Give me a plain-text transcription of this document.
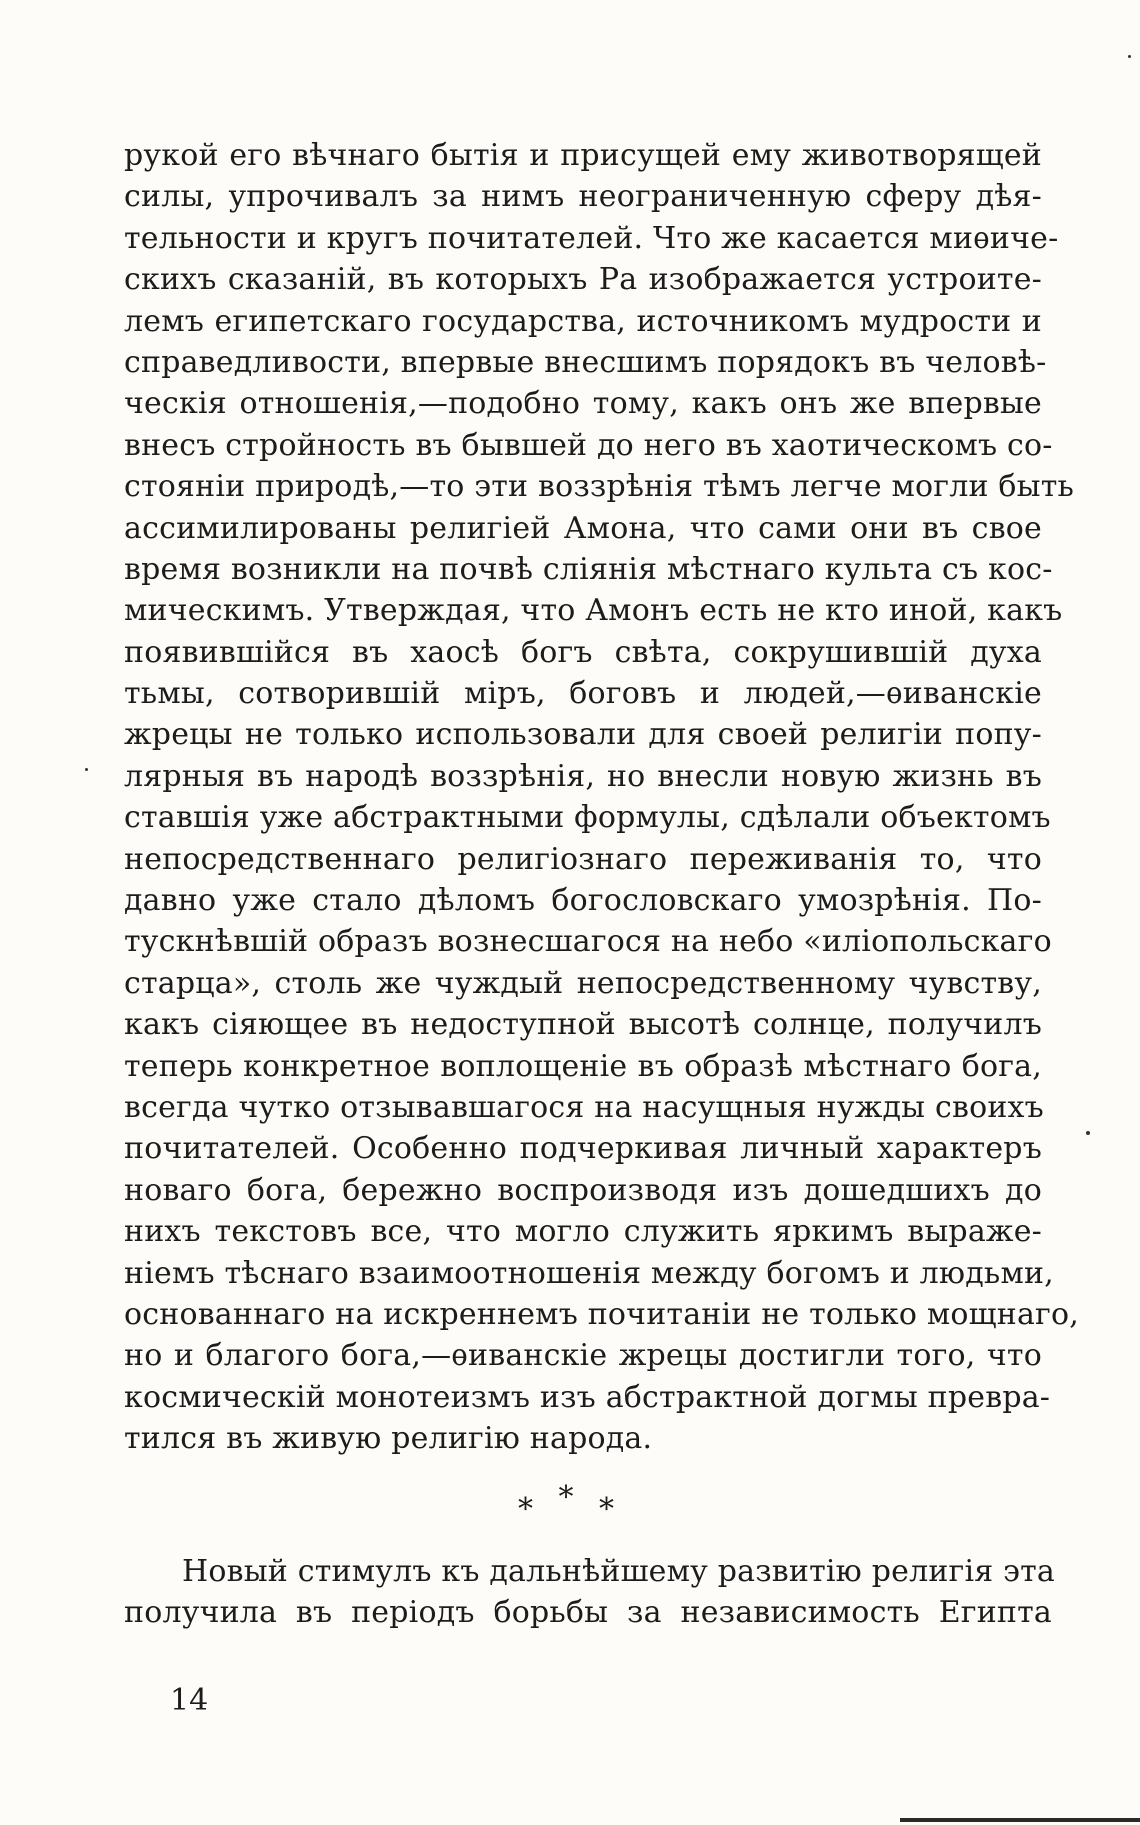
рукой его вѣчнаго бытія и присущей ему животворящей
силы, упрочивалъ за нимъ неограниченную сферу дѣя-
тельности и кругъ почитателей. Что же касается миѳиче-
скихъ сказаній, въ которыхъ Ра изображается устроите-
лемъ египетскаго государства, источникомъ мудрости и
справедливости, впервые внесшимъ порядокъ въ человѣ-
ческія отношенія,—подобно тому, какъ онъ же впервые
внесъ стройность въ бывшей до него въ хаотическомъ со-
стояніи природѣ,—то эти воззрѣнія тѣмъ легче могли быть
ассимилированы религіей Амона, что сами они въ свое
время возникли на почвѣ сліянія мѣстнаго культа съ кос-
мическимъ. Утверждая, что Амонъ есть не кто иной, какъ
появившійся въ хаосѣ богъ свѣта, сокрушившій духа
тьмы, сотворившій міръ, боговъ и людей,—ѳиванскіе
жрецы не только использовали для своей религіи попу-
лярныя въ народѣ воззрѣнія, но внесли новую жизнь въ
ставшія уже абстрактными формулы, сдѣлали объектомъ
непосредственнаго религіознаго переживанія то, что
давно уже стало дѣломъ богословскаго умозрѣнія. По-
тускнѣвшій образъ вознесшагося на небо «иліопольскаго
старца», столь же чуждый непосредственному чувству,
какъ сіяющее въ недоступной высотѣ солнце, получилъ
теперь конкретное воплощеніе въ образѣ мѣстнаго бога,
всегда чутко отзывавшагося на насущныя нужды своихъ
почитателей. Особенно подчеркивая личный характеръ
новаго бога, бережно воспроизводя изъ дошедшихъ до
нихъ текстовъ все, что могло служить яркимъ выраже-
ніемъ тѣснаго взаимоотношенія между богомъ и людьми,
основаннаго на искреннемъ почитаніи не только мощнаго,
но и благого бога,—ѳиванскіе жрецы достигли того, что
космическій монотеизмъ изъ абстрактной догмы превра-
тился въ живую религію народа.
* * *
Новый стимулъ къ дальнѣйшему развитію религія эта
получила въ періодъ борьбы за независимость Египта
14
